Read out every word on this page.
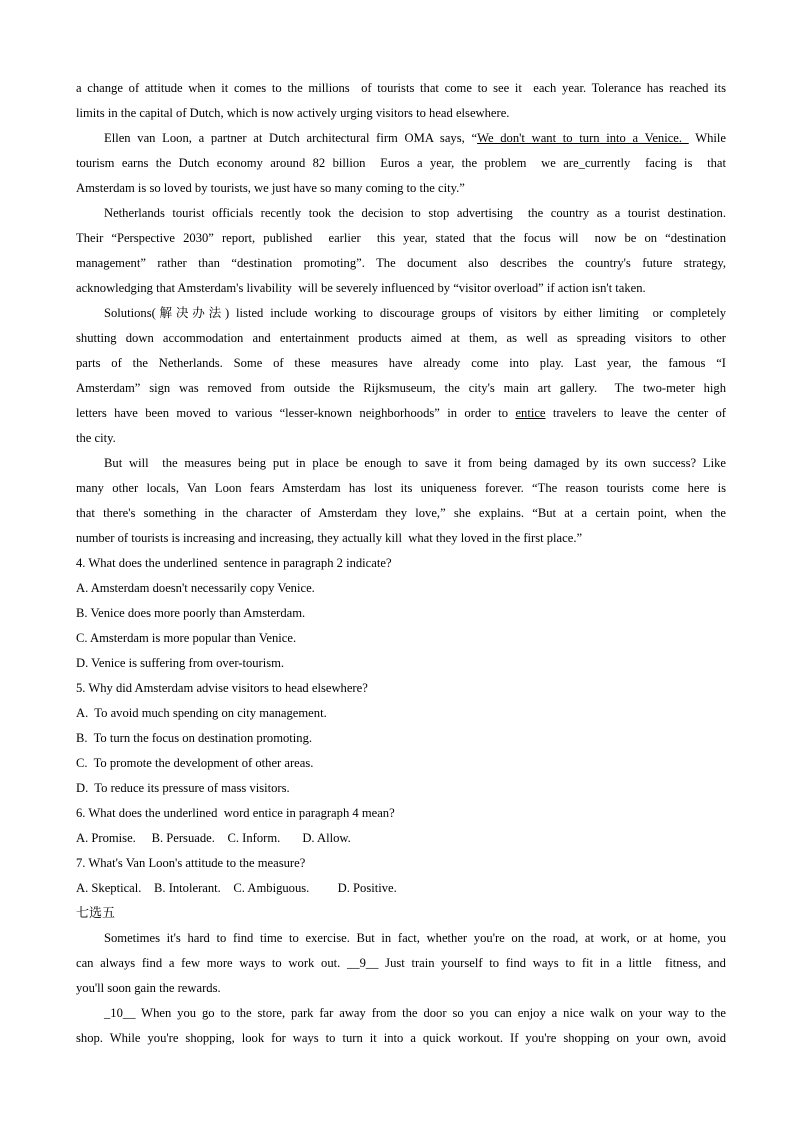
a change of attitude when it comes to the millions  of tourists that come to see it  each year. Tolerance has reached its
limits in the capital of Dutch, which is now actively urging visitors to head elsewhere.
Ellen van Loon, a partner at Dutch architectural firm OMA says, “We don't want to turn into a Venice.  While
tourism earns the Dutch economy around 82 billion  Euros a year, the problem  we are_currently  facing is  that
Amsterdam is so loved by tourists, we just have so many coming to the city.”
Netherlands tourist officials recently took the decision to stop advertising  the country as a tourist destination.
Their “Perspective 2030” report, published  earlier  this year, stated that the focus will  now be on “destination
management” rather than “destination promoting”. The document also describes the country's future strategy,
acknowledging that Amsterdam's livability  will be severely influenced by “visitor overload” if action isn't taken.
Solutions(解决办法) listed include working to discourage groups of visitors by either limiting  or completely
shutting down accommodation and entertainment products aimed at them, as well as spreading visitors to other
parts of the Netherlands. Some of these measures have already come into play. Last year, the famous “I
Amsterdam” sign was removed from outside the Rijksmuseum, the city's main art gallery.  The two-meter high
letters have been moved to various “lesser-known neighborhoods” in order to entice travelers to leave the center of
the city.
But will  the measures being put in place be enough to save it from being damaged by its own success? Like
many other locals, Van Loon fears Amsterdam has lost its uniqueness forever. “The reason tourists come here is
that there's something in the character of Amsterdam they love,” she explains. “But at a certain point, when the
number of tourists is increasing and increasing, they actually kill  what they loved in the first place.”
4. What does the underlined  sentence in paragraph 2 indicate?
A. Amsterdam doesn't necessarily copy Venice.
B. Venice does more poorly than Amsterdam.
C. Amsterdam is more popular than Venice.
D. Venice is suffering from over-tourism.
5. Why did Amsterdam advise visitors to head elsewhere?
A.  To avoid much spending on city management.
B.  To turn the focus on destination promoting.
C.  To promote the development of other areas.
D.  To reduce its pressure of mass visitors.
6. What does the underlined  word entice in paragraph 4 mean?
A. Promise.     B. Persuade.    C. Inform.       D. Allow.
7. What's Van Loon's attitude to the measure?
A. Skeptical.    B. Intolerant.    C. Ambiguous.         D. Positive.
七选五
Sometimes it's hard to find time to exercise. But in fact, whether you're on the road, at work, or at home, you
can always find a few more ways to work out. __9__ Just train yourself to find ways to fit in a little  fitness, and
you'll soon gain the rewards.
_10__ When you go to the store, park far away from the door so you can enjoy a nice walk on your way to the
shop. While you're shopping, look for ways to turn it into a quick workout. If you're shopping on your own, avoid
